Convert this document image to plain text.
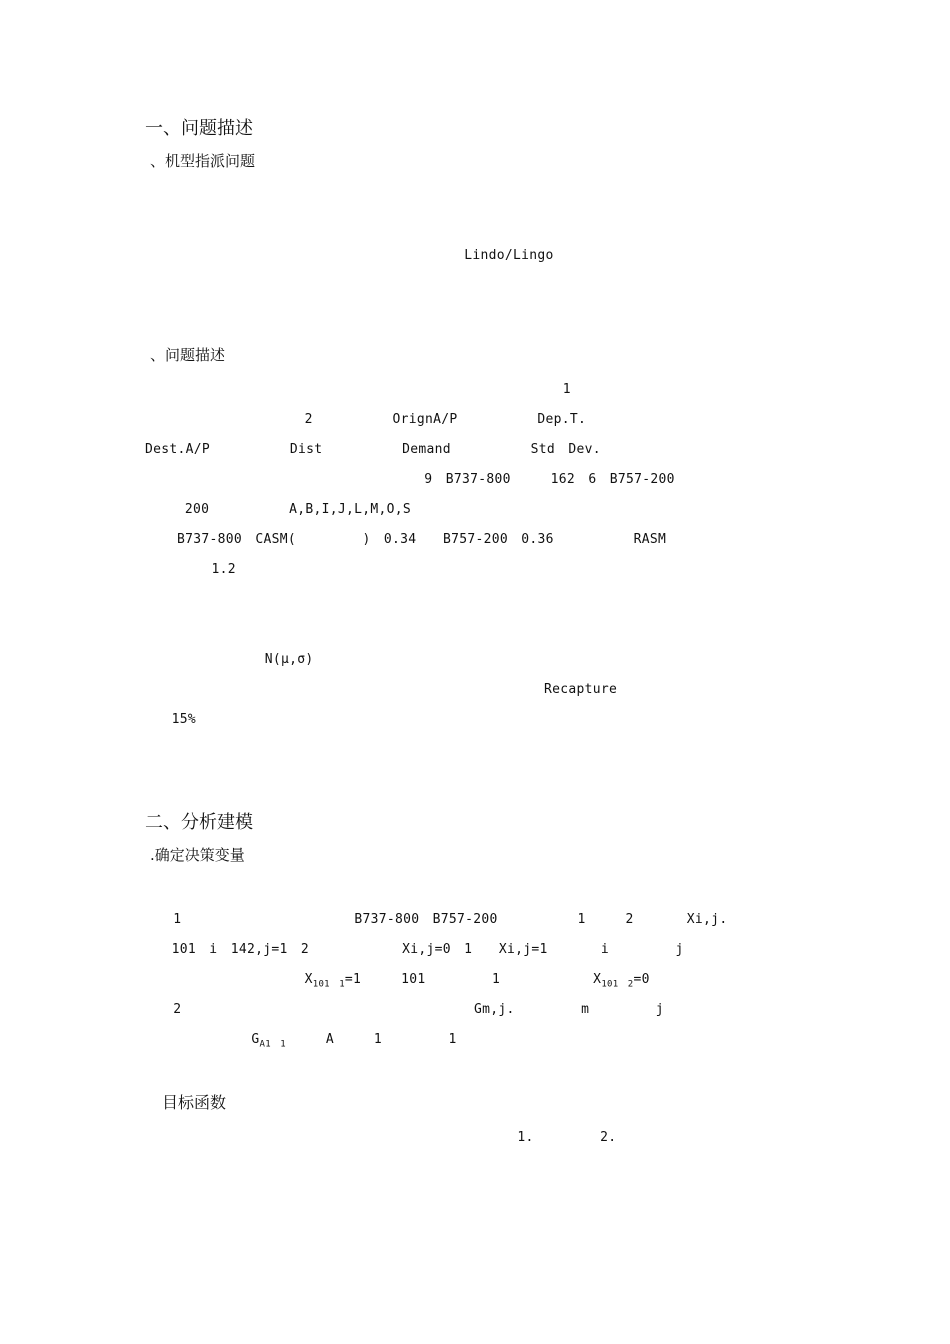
一、问题描述
、机型指派问题

　　　　　　　　　　　　　　　　　　　　　　　　Lindo/Lingo　　　

、问题描述
　　　　　　　　　　　　　　　　　　　　　　　　　　　　　1　　　　　
　　　　　　　　　　　　2　　　　　　OrignA/P　　　　　　Dep.T.　　　　　
Dest.A/P　　　　　　Dist　　　　　　Demand　　　　　　Std　Dev.　　
　　　　　　　　　　　　　　　　　　　　　9　B737-800　　　162　6　B757-200
　　　200　　　　　　A,B,I,J,L,M,O,S
B737-800　CASM(　　　　　)　0.34　　B757-200　0.36　　　　　　RASM
　　　　　1.2　　　　　　　　　　　　　　　　　　　　　　　　　　　

　　　　　　　　　N(μ,σ)　　　　　　　　　　　　　　　　　　　　
　　　　　　　　　　　　　　　　　　　　　　　　　　　　　　Recapture
　　15%　　　　　　　　　

二、分析建模
.确定决策变量

　1　　　　　　　　　　　　　B737-800　B757-200　　　　　　1　　　2　　　　Xi,j.
　　101　i　142,j=1　2　　　　　　　Xi,j=0　1　　Xi,j=1　　　　i　　　　　j
　　　　　　　　　　　　$X_{101 1}=1$　　　101　　　　　1　　　　　　　$X_{101 2}=0$
　2　　　　　　　　　　　　　　　　　　　　　　Gm,j.　　　　　m　　　　　j　　　
　　　　　　　　$G_{A1 1}$　　　A　　　1　　　　　1　　　　　
目标函数
　　　　　　　　　　　　　　　　　　　　　　　　　　　　1.　　　　　2.　
